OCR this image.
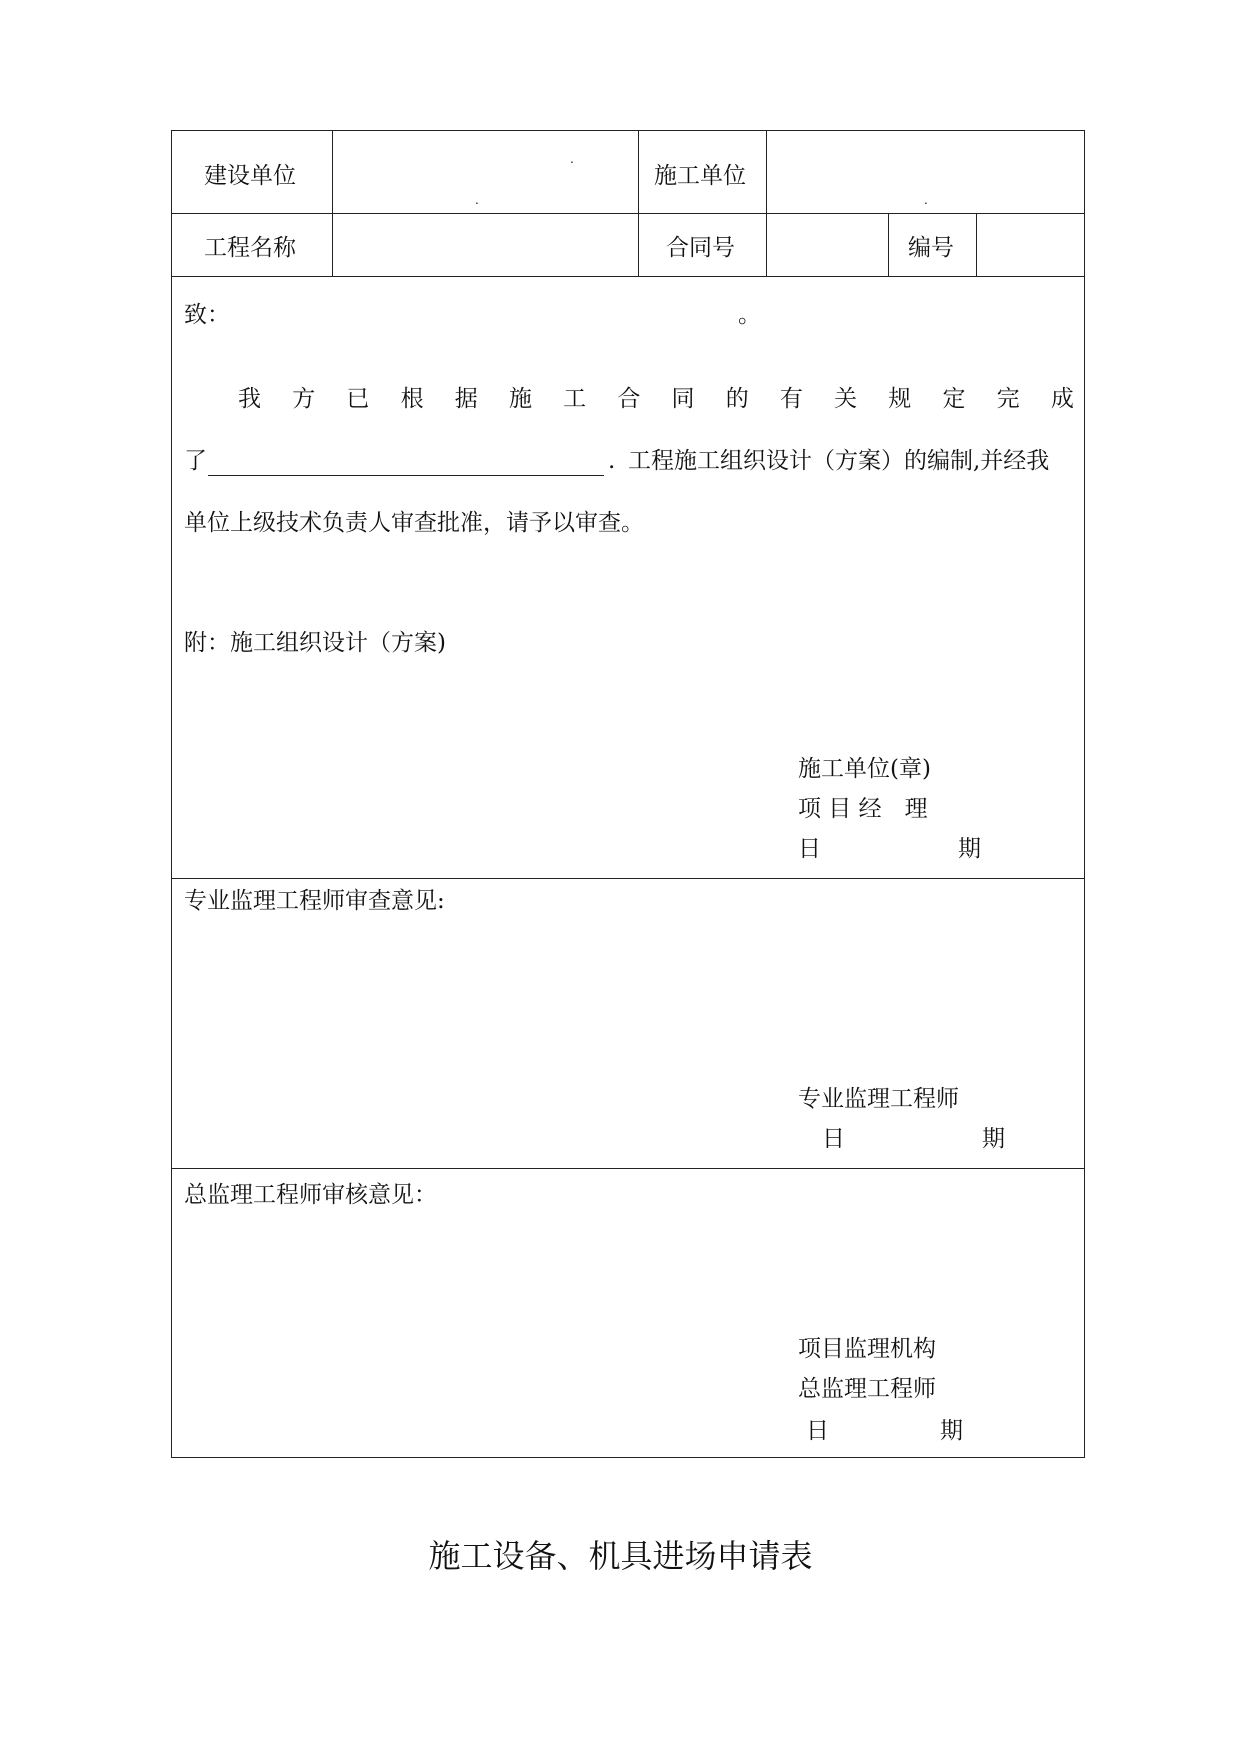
建设单位	施工单位
.
.	.
工程名称	合同号	编号
致：	。
我 方 已 根 据 施 工 合 同 的 有 关 规 定 完 成
了	. 工程施工组织设计（方案）的编制,并经我
单位上级技术负责人审查批准，请予以审查。
附：施工组织设计（方案)
施工单位(章)
项 目 经　理
日	期
专业监理工程师审查意见:
专业监理工程师
日	期
总监理工程师审核意见：
项目监理机构
总监理工程师
日	期
施工设备、机具进场申请表
